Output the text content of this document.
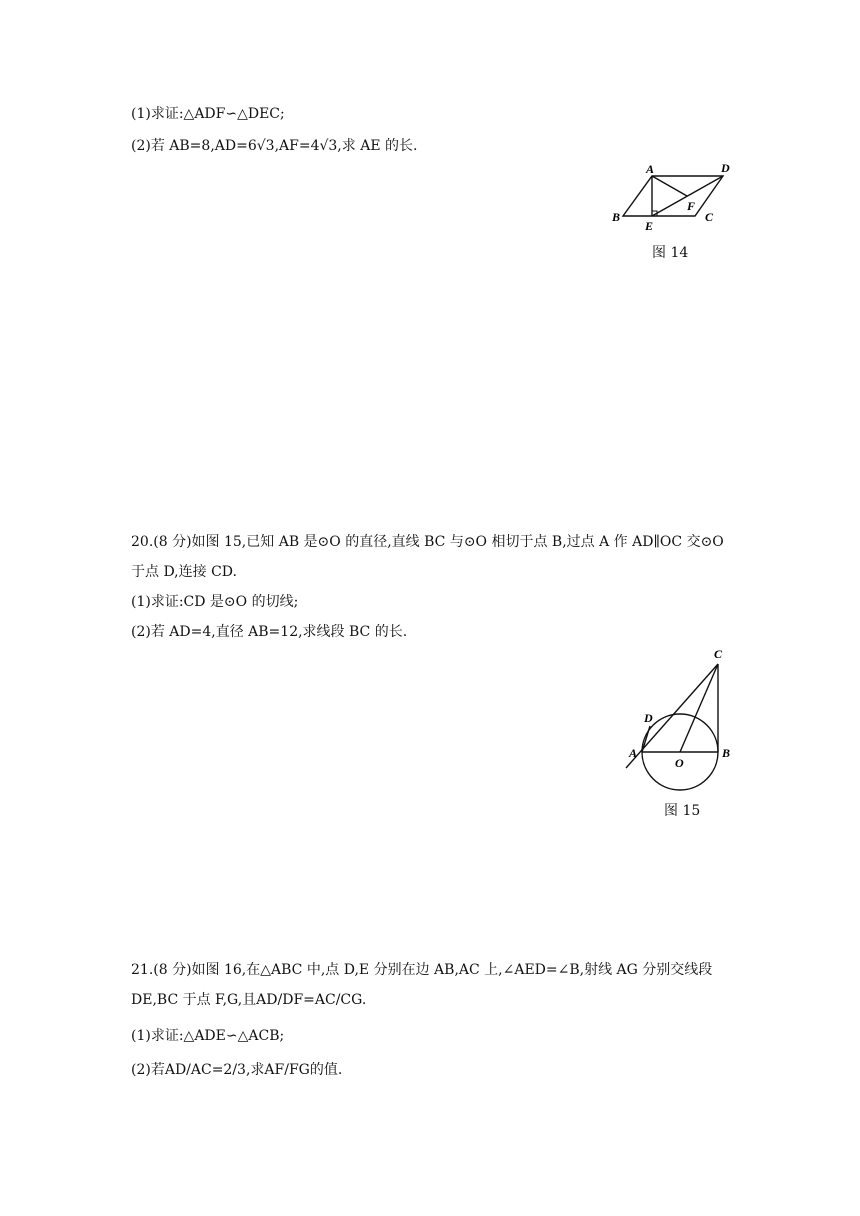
(1)求证:△ADF∽△DEC;
(2)若 AB=8,AD=6√3,AF=4√3,求 AE 的长.
A	D
F
B
E
C
图 14
20.(8 分)如图 15,已知 AB 是⊙O 的直径,直线 BC 与⊙O 相切于点 B,过点 A 作 AD∥OC 交⊙O
于点 D,连接 CD.
(1)求证:CD 是⊙O 的切线;
(2)若 AD=4,直径 AB=12,求线段 BC 的长.
C
D
A
O
B
图 15
21.(8 分)如图 16,在△ABC 中,点 D,E 分别在边 AB,AC 上,∠AED=∠B,射线 AG 分别交线段
DE,BC 于点 F,G,且AD/DF=AC/CG.
(1)求证:△ADE∽△ACB;
(2)若AD/AC=2/3,求AF/FG的值.
